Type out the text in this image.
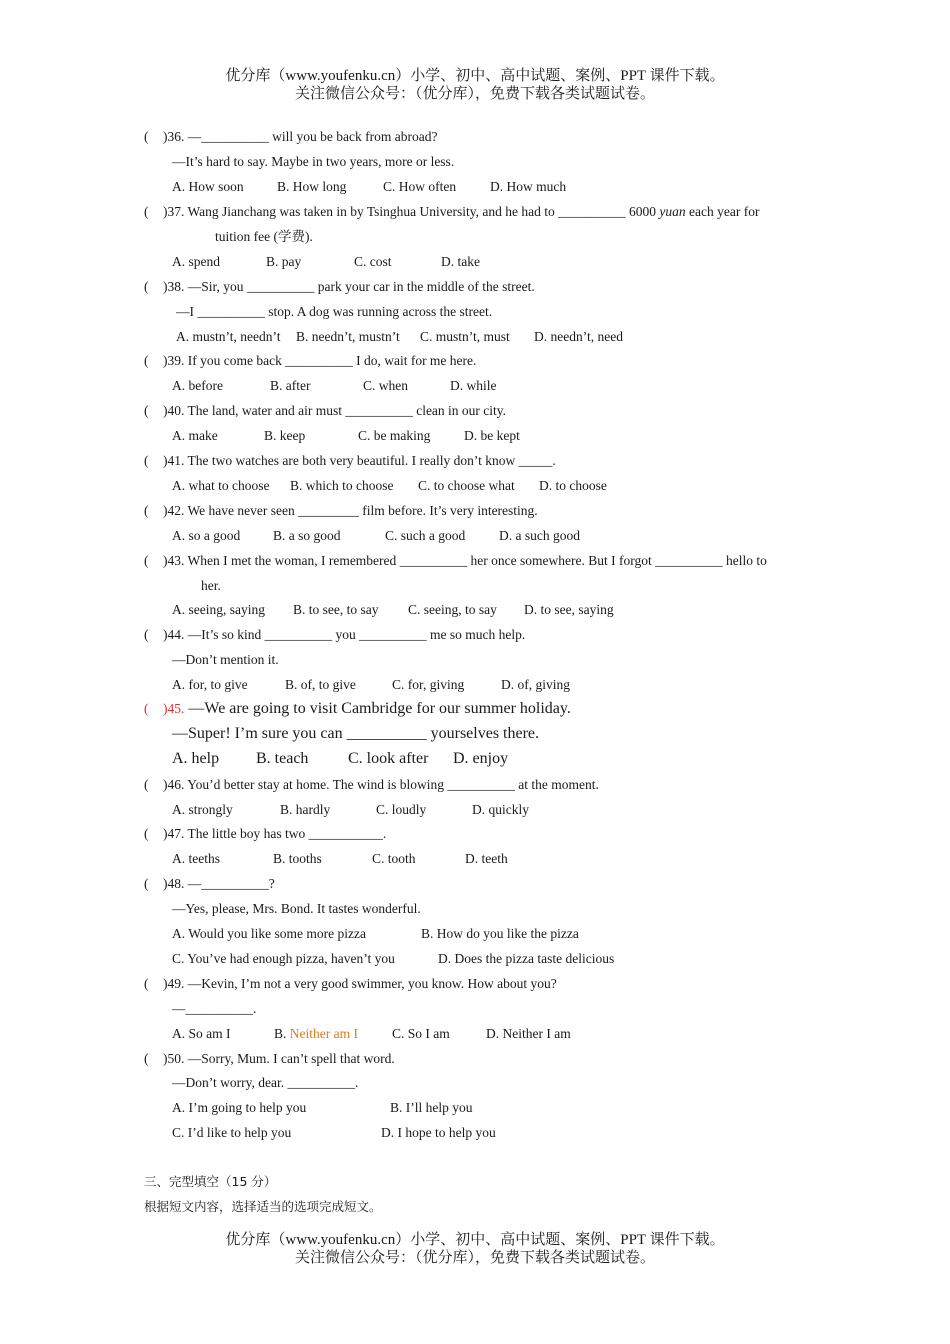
优分库（www.youfenku.cn）小学、初中、高中试题、案例、PPT 课件下载。
关注微信公众号：（优分库），免费下载各类试题试卷。
( )36. —__________ will you be back from abroad?
—It’s hard to say. Maybe in two years, more or less.
A. How soon B. How long	C. How often	D. How much
( )37. Wang Jianchang was taken in by Tsinghua University, and he had to __________ 6000 yuan each year for
tuition fee (学费).
A. spend	B. pay	C. cost	D. take
( )38. —Sir, you __________ park your car in the middle of the street.
—I __________ stop. A dog was running across the street.
A. mustn’t, needn’t B. needn’t, mustn’t C. mustn’t, must D. needn’t, need
( )39. If you come back __________ I do, wait for me here.
A. before	B. after	C. when	D. while
( )40. The land, water and air must __________ clean in our city.
A. make	B. keep	C. be making D. be kept
( )41. The two watches are both very beautiful. I really don’t know _____.
A. what to choose B. which to choose C. to choose what D. to choose
( )42. We have never seen _________ film before. It’s very interesting.
A. so a good B. a so good	C. such a good	D. a such good
( )43. When I met the woman, I remembered __________ her once somewhere. But I forgot __________ hello to
her.
A. seeing, saying B. to see, to say C. seeing, to say D. to see, saying
( )44. —It’s so kind __________ you __________ me so much help.
—Don’t mention it.
A. for, to give	B. of, to give	C. for, giving	D. of, giving
( )45. —We are going to visit Cambridge for our summer holiday.
—Super! I’m sure you can __________ yourselves there.
A. help B. teach C. look after D. enjoy
( )46. You’d better stay at home. The wind is blowing __________ at the moment.
A. strongly	B. hardly	C. loudly	D. quickly
( )47. The little boy has two ___________.
A. teeths	B. tooths	C. tooth	D. teeth
( )48. —__________?
—Yes, please, Mrs. Bond. It tastes wonderful.
A. Would you like some more pizza	B. How do you like the pizza
C. You’ve had enough pizza, haven’t you	D. Does the pizza taste delicious
( )49. —Kevin, I’m not a very good swimmer, you know. How about you?
—__________.
A. So am I	B. Neither am I	C. So I am	D. Neither I am
( )50. —Sorry, Mum. I can’t spell that word.
—Don’t worry, dear. __________.
A. I’m going to help you	B. I’ll help you
C. I’d like to help you	D. I hope to help you
三、完型填空（15 分）
根据短文内容，选择适当的选项完成短文。
优分库（www.youfenku.cn）小学、初中、高中试题、案例、PPT 课件下载。
关注微信公众号：（优分库），免费下载各类试题试卷。
